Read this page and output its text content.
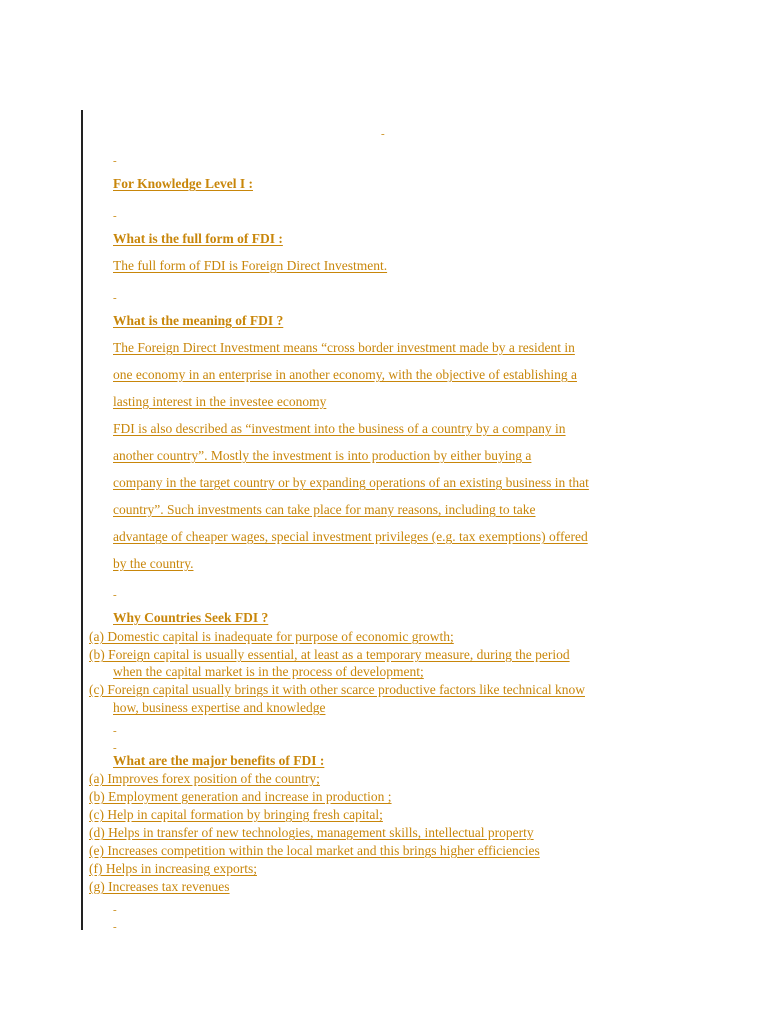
-
-
For Knowledge Level I :
-
What is the full form of FDI :
The full form of FDI is Foreign Direct Investment.
-
What is the meaning of FDI ?
The Foreign Direct Investment means “cross border investment made by a resident in
one economy in an enterprise in another economy, with the objective of establishing a
lasting interest in the investee economy
FDI is also described as “investment into the business of a country by a company in
another country”. Mostly the investment is into production by either buying a
company in the target country or by expanding operations of an existing business in that
country”. Such investments can take place for many reasons, including to take
advantage of cheaper wages, special investment privileges (e.g. tax exemptions) offered
by the country.
-
Why Countries Seek FDI ?
(a) Domestic capital is inadequate for purpose of economic growth;
(b) Foreign capital is usually essential, at least as a temporary measure, during the period
when the capital market is in the process of development;
(c) Foreign capital usually brings it with other scarce productive factors like technical know
how, business expertise and knowledge
-
-
What are the major benefits of FDI :
(a) Improves forex position of the country;
(b) Employment generation and increase in production ;
(c) Help in capital formation by bringing fresh capital;
(d) Helps in transfer of new technologies, management skills, intellectual property
(e) Increases competition within the local market and this brings higher efficiencies
(f) Helps in increasing exports;
(g) Increases tax revenues
-
-
